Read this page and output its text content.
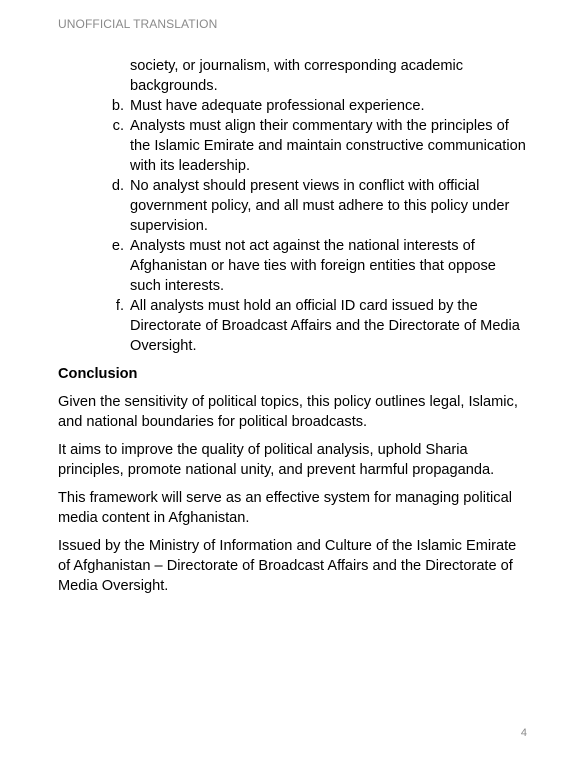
UNOFFICIAL TRANSLATION
society, or journalism, with corresponding academic backgrounds.
b. Must have adequate professional experience.
c. Analysts must align their commentary with the principles of the Islamic Emirate and maintain constructive communication with its leadership.
d. No analyst should present views in conflict with official government policy, and all must adhere to this policy under supervision.
e. Analysts must not act against the national interests of Afghanistan or have ties with foreign entities that oppose such interests.
f. All analysts must hold an official ID card issued by the Directorate of Broadcast Affairs and the Directorate of Media Oversight.
Conclusion

Given the sensitivity of political topics, this policy outlines legal, Islamic, and national boundaries for political broadcasts.

It aims to improve the quality of political analysis, uphold Sharia principles, promote national unity, and prevent harmful propaganda.

This framework will serve as an effective system for managing political media content in Afghanistan.

Issued by the Ministry of Information and Culture of the Islamic Emirate of Afghanistan – Directorate of Broadcast Affairs and the Directorate of Media Oversight.

4
